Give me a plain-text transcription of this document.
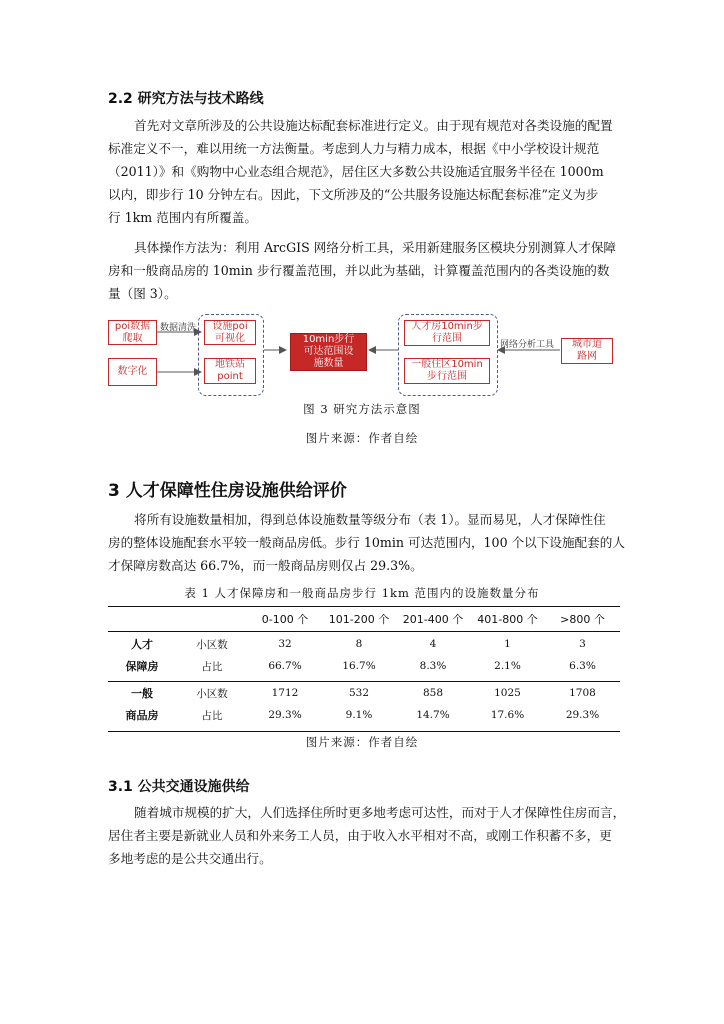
2.2 研究方法与技术路线
首先对文章所涉及的公共设施达标配套标准进行定义。由于现有规范对各类设施的配置
标准定义不一，难以用统一方法衡量。考虑到人力与精力成本，根据《中小学校设计规范
（2011）》和《购物中心业态组合规范》，居住区大多数公共设施适宜服务半径在 1000m
以内，即步行 10 分钟左右。因此，下文所涉及的“公共服务设施达标配套标准”定义为步
行 1km 范围内有所覆盖。
具体操作方法为：利用 ArcGIS 网络分析工具，采用新建服务区模块分别测算人才保障
房和一般商品房的 10min 步行覆盖范围，并以此为基础，计算覆盖范围内的各类设施的数
量（图 3）。
poi数据
爬取
数字化
数据清洗	设施poi
可视化
地铁站
point
10min步行
可达范围设
施数量
人才房10min步
行范围
一般住区10min
步行范围
网络分析工具	城市道
路网
图 3 研究方法示意图
图片来源：作者自绘
3 人才保障性住房设施供给评价
将所有设施数量相加，得到总体设施数量等级分布（表 1）。显而易见，人才保障性住
房的整体设施配套水平较一般商品房低。步行 10min 可达范围内，100 个以下设施配套的人
才保障房数高达 66.7%，而一般商品房则仅占 29.3%。
表 1 人才保障房和一般商品房步行 1km 范围内的设施数量分布
		0-100 个	101-200 个	201-400 个	401-800 个	>800 个

人才	小区数	32	8	4	1	3
保障房	占比	66.7%	16.7%	8.3%	2.1%	6.3%

一般	小区数	1712	532	858	1025	1708
商品房	占比	29.3%	9.1%	14.7%	17.6%	29.3%
图片来源：作者自绘
3.1 公共交通设施供给
随着城市规模的扩大，人们选择住所时更多地考虑可达性，而对于人才保障性住房而言，
居住者主要是新就业人员和外来务工人员，由于收入水平相对不高，或刚工作积蓄不多，更
多地考虑的是公共交通出行。
